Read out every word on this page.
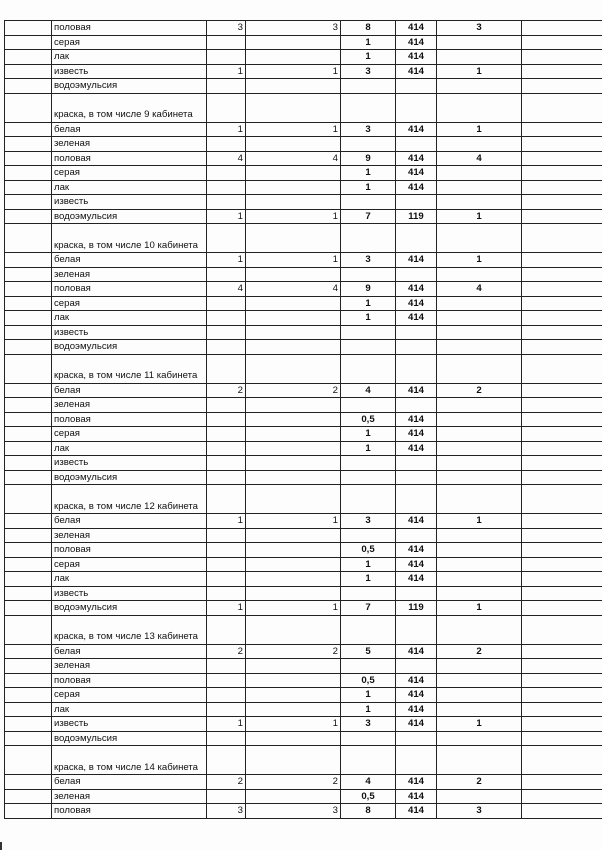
	половая	3	3	8	414	3	
	серая			1	414		
	лак			1	414		
	известь	1	1	3	414	1	
	водоэмульсия						
	краска, в том числе 9 кабинета						
	белая	1	1	3	414	1	
	зеленая						
	половая	4	4	9	414	4	
	серая			1	414		
	лак			1	414		
	известь						
	водоэмульсия	1	1	7	119	1	
	краска, в том числе 10 кабинета						
	белая	1	1	3	414	1	
	зеленая						
	половая	4	4	9	414	4	
	серая			1	414		
	лак			1	414		
	известь						
	водоэмульсия						
	краска, в том числе 11 кабинета						
	белая	2	2	4	414	2	
	зеленая						
	половая			0,5	414		
	серая			1	414		
	лак			1	414		
	известь						
	водоэмульсия						
	краска, в том числе 12 кабинета						
	белая	1	1	3	414	1	
	зеленая						
	половая			0,5	414		
	серая			1	414		
	лак			1	414		
	известь						
	водоэмульсия	1	1	7	119	1	
	краска, в том числе 13 кабинета						
	белая	2	2	5	414	2	
	зеленая						
	половая			0,5	414		
	серая			1	414		
	лак			1	414		
	известь	1	1	3	414	1	
	водоэмульсия						
	краска, в том числе 14 кабинета						
	белая	2	2	4	414	2	
	зеленая			0,5	414		
	половая	3	3	8	414	3	
